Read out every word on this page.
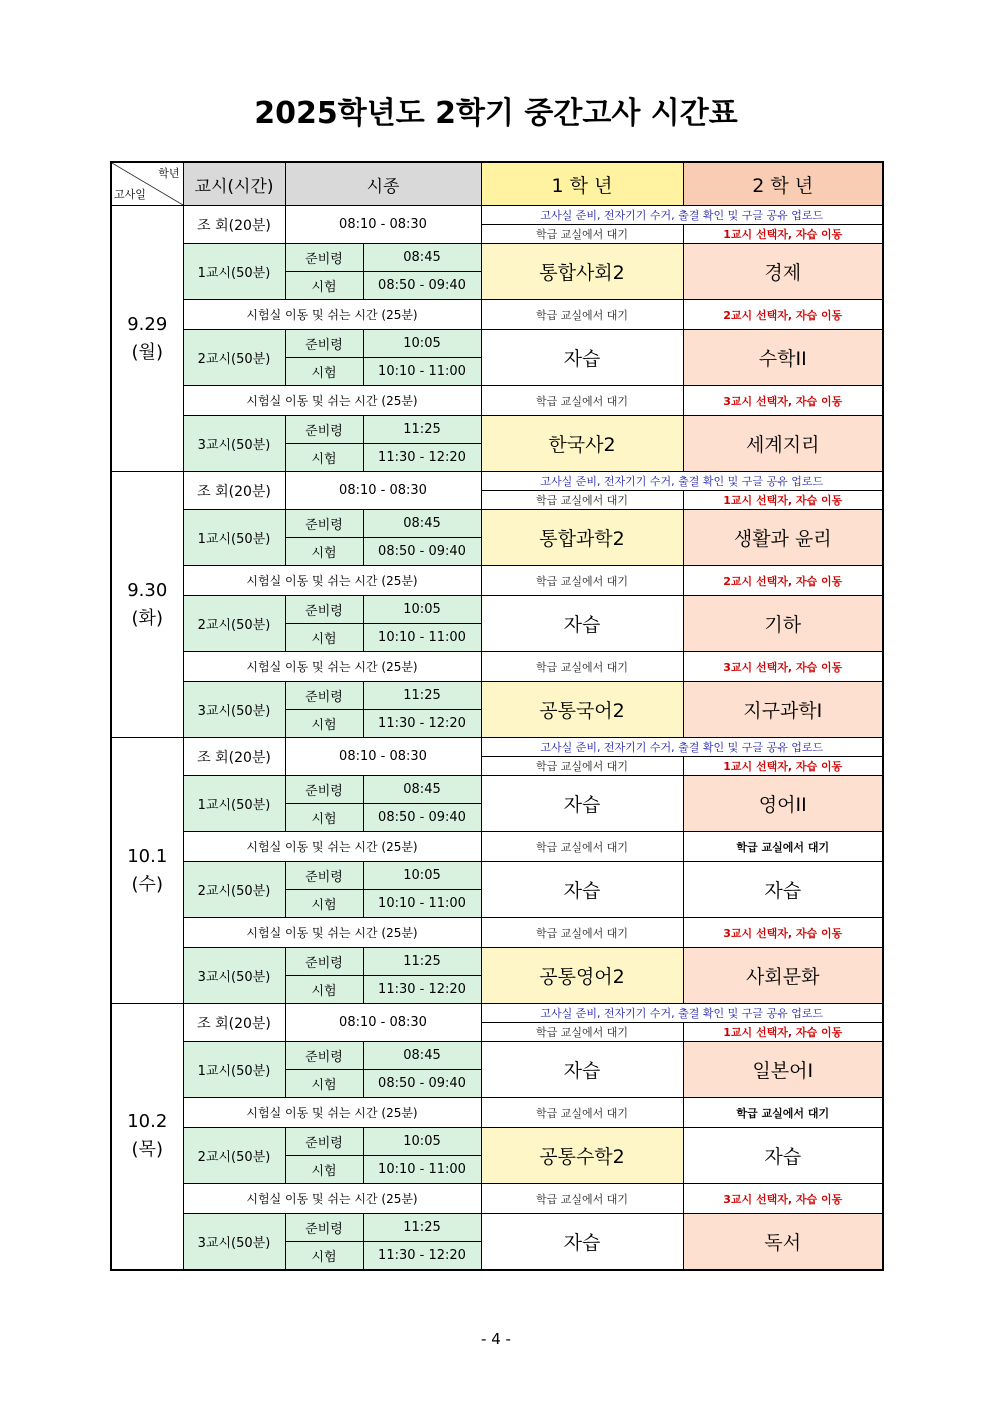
2025학년도 2학기 중간고사 시간표
학년
고사일	교시(시간)	시종		1 학 년	2 학 년

9.29
(월)	조 회(20분)	08:10 - 08:30		고사실 준비, 전자기기 수거, 출결 확인 및 구글 공유 업로드	
				학급 교실에서 대기	1교시 선택자, 자습 이동
	1교시(50분)	준비령	08:45	통합사회2	경제
		시험	08:50 - 09:40		
	시험실 이동 및 쉬는 시간 (25분)			학급 교실에서 대기	2교시 선택자, 자습 이동
	2교시(50분)	준비령	10:05	자습	수학II
		시험	10:10 - 11:00		
	시험실 이동 및 쉬는 시간 (25분)			학급 교실에서 대기	3교시 선택자, 자습 이동
	3교시(50분)	준비령	11:25	한국사2	세계지리
		시험	11:30 - 12:20		

9.30
(화)	조 회(20분)	08:10 - 08:30		고사실 준비, 전자기기 수거, 출결 확인 및 구글 공유 업로드	
				학급 교실에서 대기	1교시 선택자, 자습 이동
	1교시(50분)	준비령	08:45	통합과학2	생활과 윤리
		시험	08:50 - 09:40		
	시험실 이동 및 쉬는 시간 (25분)			학급 교실에서 대기	2교시 선택자, 자습 이동
	2교시(50분)	준비령	10:05	자습	기하
		시험	10:10 - 11:00		
	시험실 이동 및 쉬는 시간 (25분)			학급 교실에서 대기	3교시 선택자, 자습 이동
	3교시(50분)	준비령	11:25	공통국어2	지구과학I
		시험	11:30 - 12:20		

10.1
(수)	조 회(20분)	08:10 - 08:30		고사실 준비, 전자기기 수거, 출결 확인 및 구글 공유 업로드	
				학급 교실에서 대기	1교시 선택자, 자습 이동
	1교시(50분)	준비령	08:45	자습	영어II
		시험	08:50 - 09:40		
	시험실 이동 및 쉬는 시간 (25분)			학급 교실에서 대기	학급 교실에서 대기
	2교시(50분)	준비령	10:05	자습	자습
		시험	10:10 - 11:00		
	시험실 이동 및 쉬는 시간 (25분)			학급 교실에서 대기	3교시 선택자, 자습 이동
	3교시(50분)	준비령	11:25	공통영어2	사회문화
		시험	11:30 - 12:20		

10.2
(목)	조 회(20분)	08:10 - 08:30		고사실 준비, 전자기기 수거, 출결 확인 및 구글 공유 업로드	
				학급 교실에서 대기	1교시 선택자, 자습 이동
	1교시(50분)	준비령	08:45	자습	일본어I
		시험	08:50 - 09:40		
	시험실 이동 및 쉬는 시간 (25분)			학급 교실에서 대기	학급 교실에서 대기
	2교시(50분)	준비령	10:05	공통수학2	자습
		시험	10:10 - 11:00		
	시험실 이동 및 쉬는 시간 (25분)			학급 교실에서 대기	3교시 선택자, 자습 이동
	3교시(50분)	준비령	11:25	자습	독서
		시험	11:30 - 12:20		
- 4 -
